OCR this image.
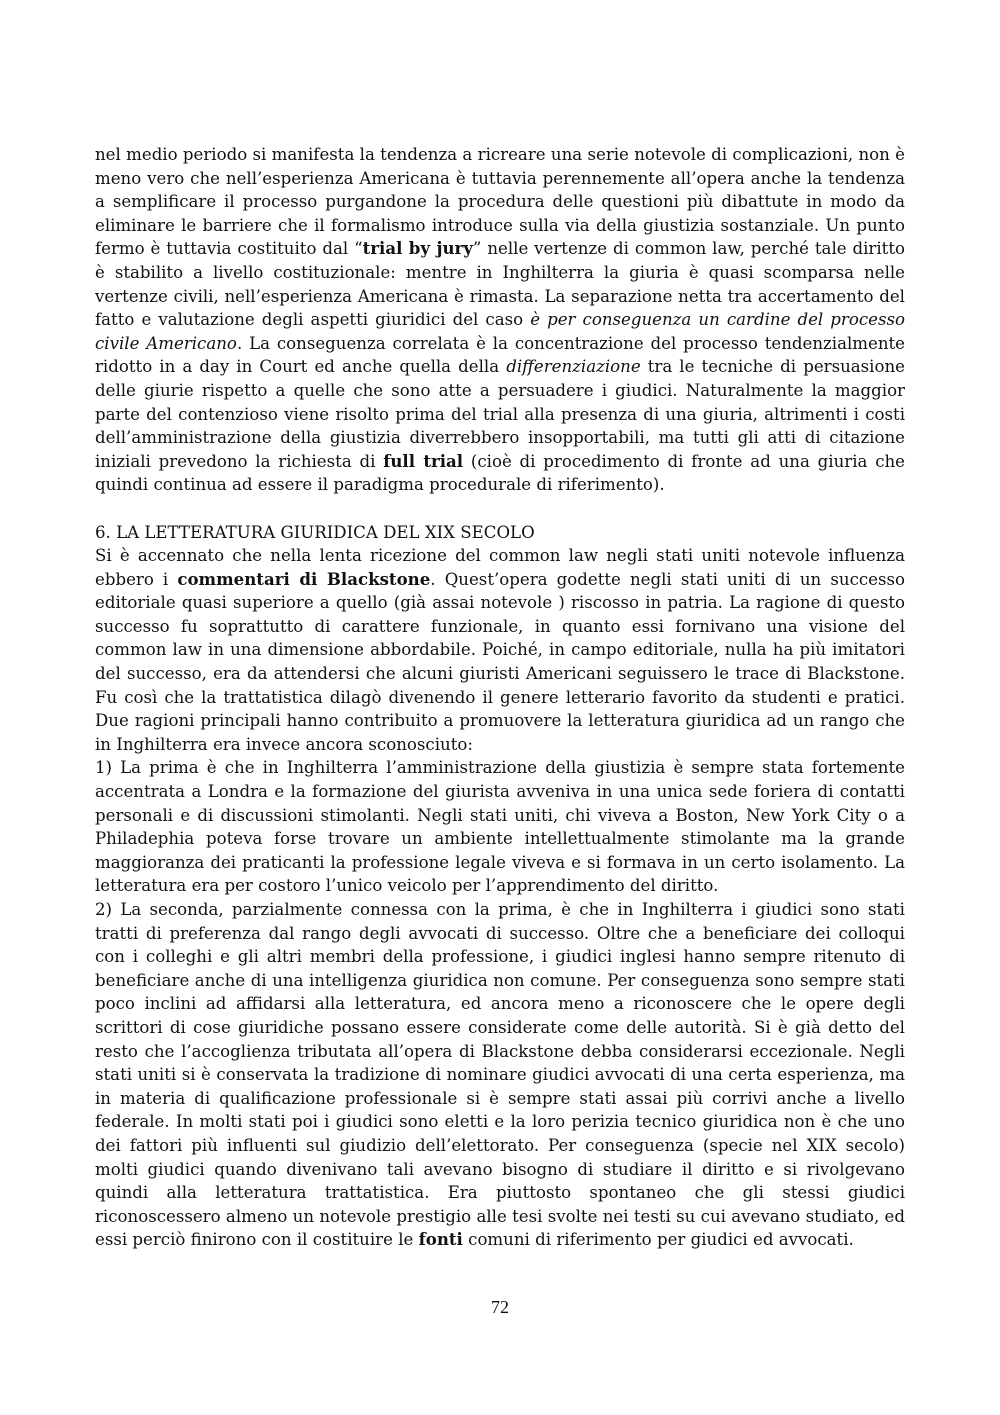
nel medio periodo si manifesta la tendenza a ricreare una serie notevole di complicazioni, non è meno vero che nell’esperienza Americana è tuttavia perennemente all’opera anche la tendenza a semplificare il processo purgandone la procedura delle questioni più dibattute in modo da eliminare le barriere che il formalismo introduce sulla via della giustizia sostanziale. Un punto fermo è tuttavia costituito dal “trial by jury” nelle vertenze di common law, perché tale diritto è stabilito a livello costituzionale: mentre in Inghilterra la giuria è quasi scomparsa nelle vertenze civili, nell’esperienza Americana è rimasta. La separazione netta tra accertamento del fatto e valutazione degli aspetti giuridici del caso è per conseguenza un cardine del processo civile Americano. La conseguenza correlata è la concentrazione del processo tendenzialmente ridotto in a day in Court ed anche quella della differenziazione tra le tecniche di persuasione delle giurie rispetto a quelle che sono atte a persuadere i giudici. Naturalmente la maggior parte del contenzioso viene risolto prima del trial alla presenza di una giuria, altrimenti i costi dell’amministrazione della giustizia diverrebbero insopportabili, ma tutti gli atti di citazione iniziali prevedono la richiesta di full trial (cioè di procedimento di fronte ad una giuria che quindi continua ad essere il paradigma procedurale di riferimento).

6. LA LETTERATURA GIURIDICA DEL XIX SECOLO

Si è accennato che nella lenta ricezione del common law negli stati uniti notevole influenza ebbero i commentari di Blackstone. Quest’opera godette negli stati uniti di un successo editoriale quasi superiore a quello (già assai notevole ) riscosso in patria. La ragione di questo successo fu soprattutto di carattere funzionale, in quanto essi fornivano una visione del common law in una dimensione abbordabile. Poiché, in campo editoriale, nulla ha più imitatori del successo, era da attendersi che alcuni giuristi Americani seguissero le trace di Blackstone. Fu così che la trattatistica dilagò divenendo il genere letterario favorito da studenti e pratici. Due ragioni principali hanno contribuito a promuovere la letteratura giuridica ad un rango che in Inghilterra era invece ancora sconosciuto:

1) La prima è che in Inghilterra l’amministrazione della giustizia è sempre stata fortemente accentrata a Londra e la formazione del giurista avveniva in una unica sede foriera di contatti personali e di discussioni stimolanti. Negli stati uniti, chi viveva a Boston, New York City o a Philadephia poteva forse trovare un ambiente intellettualmente stimolante ma la grande maggioranza dei praticanti la professione legale viveva e si formava in un certo isolamento. La letteratura era per costoro l’unico veicolo per l’apprendimento del diritto.

2) La seconda, parzialmente connessa con la prima, è che in Inghilterra i giudici sono stati tratti di preferenza dal rango degli avvocati di successo. Oltre che a beneficiare dei colloqui con i colleghi e gli altri membri della professione, i giudici inglesi hanno sempre ritenuto di beneficiare anche di una intelligenza giuridica non comune. Per conseguenza sono sempre stati poco inclini ad affidarsi alla letteratura, ed ancora meno a riconoscere che le opere degli scrittori di cose giuridiche possano essere considerate come delle autorità. Si è già detto del resto che l’accoglienza tributata all’opera di Blackstone debba considerarsi eccezionale. Negli stati uniti si è conservata la tradizione di nominare giudici avvocati di una certa esperienza, ma in materia di qualificazione professionale si è sempre stati assai più corrivi anche a livello federale. In molti stati poi i giudici sono eletti e la loro perizia tecnico giuridica non è che uno dei fattori più influenti sul giudizio dell’elettorato. Per conseguenza (specie nel XIX secolo) molti giudici quando divenivano tali avevano bisogno di studiare il diritto e si rivolgevano quindi alla letteratura trattatistica. Era piuttosto spontaneo che gli stessi giudici riconoscessero almeno un notevole prestigio alle tesi svolte nei testi su cui avevano studiato, ed essi perciò finirono con il costituire le fonti comuni di riferimento per giudici ed avvocati.

72
